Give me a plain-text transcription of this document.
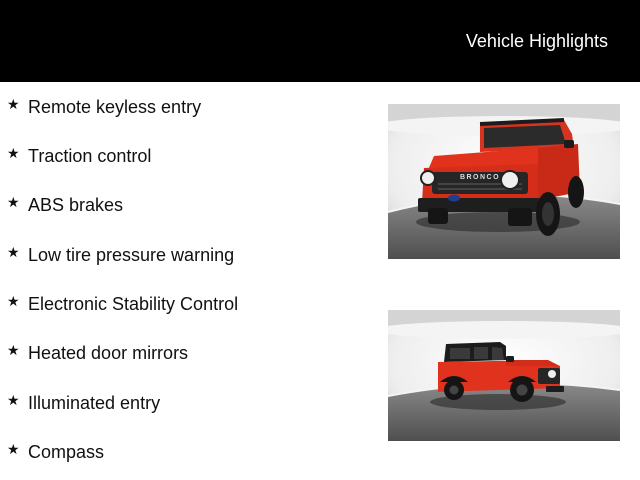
Vehicle Highlights
★ Remote keyless entry
★ Traction control
★ ABS brakes
★ Low tire pressure warning
★ Electronic Stability Control
★ Heated door mirrors
★ Illuminated entry
★ Compass
BRONCO
